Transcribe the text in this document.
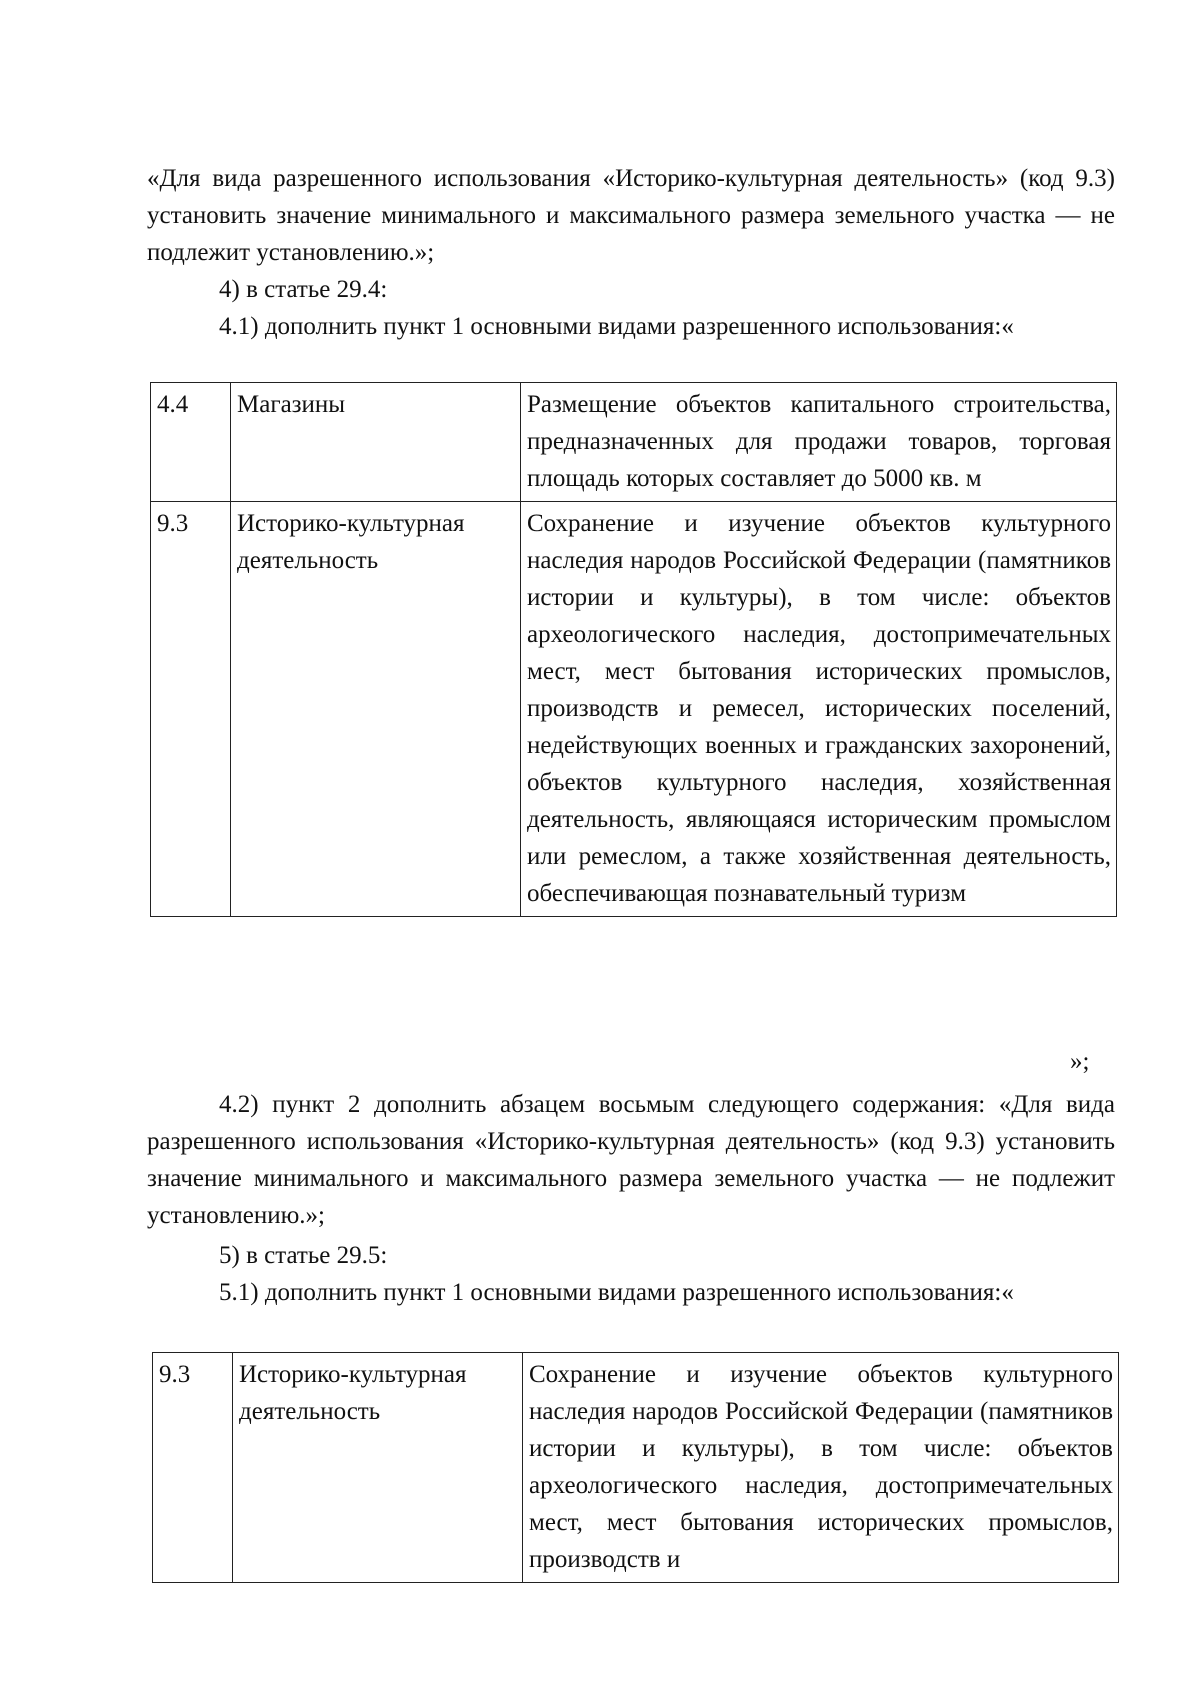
«Для вида разрешенного использования «Историко-культурная деятельность» (код 9.3) установить значение минимального и максимального размера земельного участка — не подлежит установлению.»;

4) в статье 29.4:

4.1) дополнить пункт 1 основными видами разрешенного использования:«

4.4	Магазины	Размещение объектов капитального строительства, предназначенных для продажи товаров, торговая площадь которых составляет до 5000 кв. м
9.3	Историко-культурная деятельность	Сохранение и изучение объектов культурного наследия народов Российской Федерации (памятников истории и культуры), в том числе: объектов археологического наследия, достопримечательных мест, мест бытования исторических промыслов, производств и ремесел, исторических поселений, недействующих военных и гражданских захоронений, объектов культурного наследия, хозяйственная деятельность, являющаяся историческим промыслом или ремеслом, а также хозяйственная деятельность, обеспечивающая познавательный туризм
»;

4.2) пункт 2 дополнить абзацем восьмым следующего содержания: «Для вида разрешенного использования «Историко-культурная деятельность» (код 9.3) установить значение минимального и максимального размера земельного участка — не подлежит установлению.»;

5) в статье 29.5:

5.1) дополнить пункт 1 основными видами разрешенного использования:«

9.3	Историко-культурная деятельность	Сохранение и изучение объектов культурного наследия народов Российской Федерации (памятников истории и культуры), в том числе: объектов археологического наследия, достопримечательных мест, мест бытования исторических промыслов, производств и
